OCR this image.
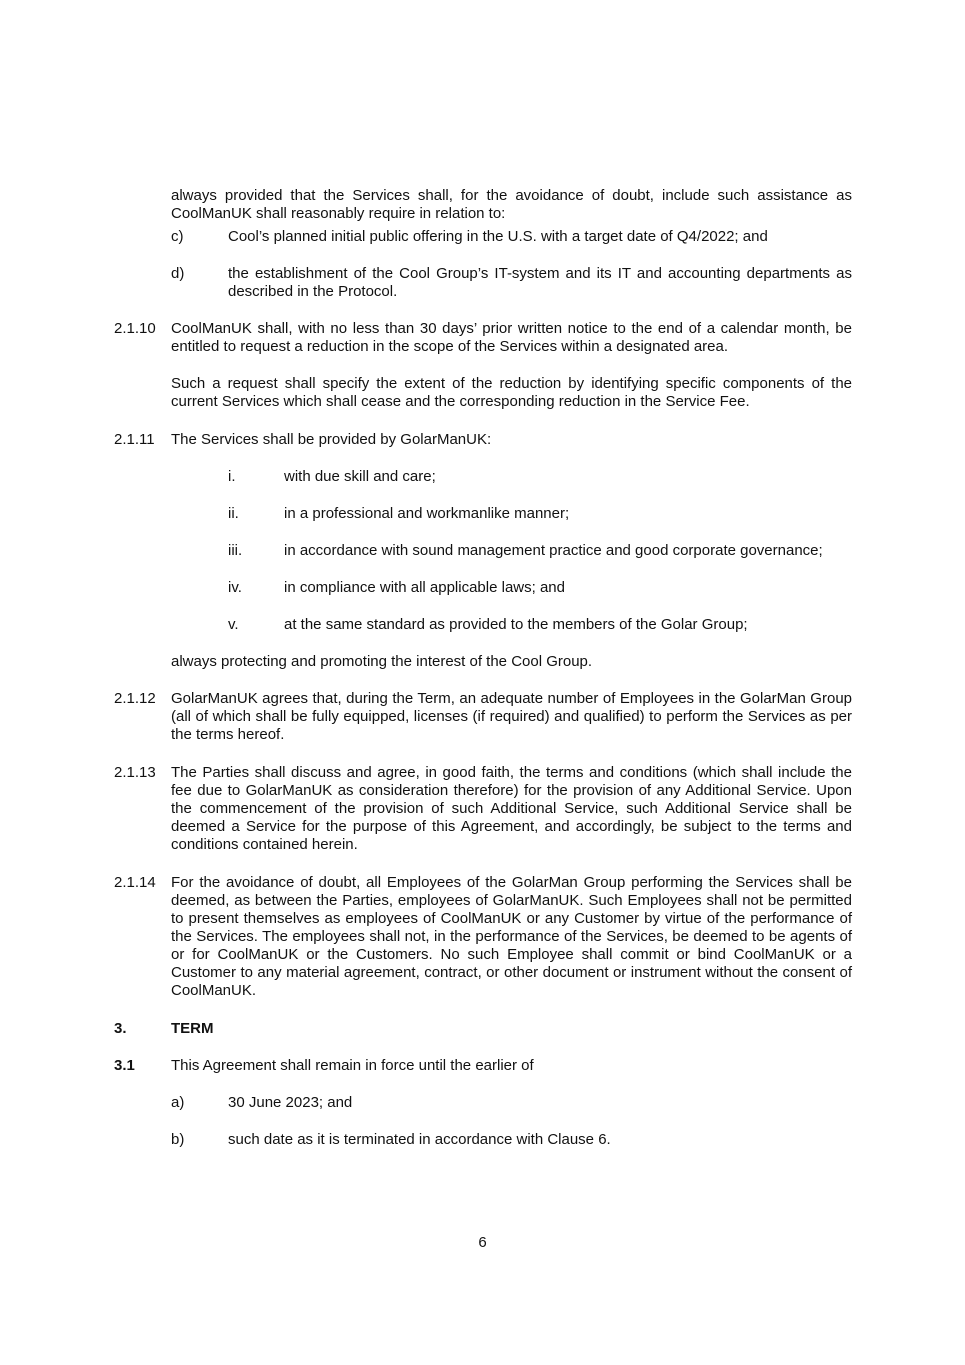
always provided that the Services shall, for the avoidance of doubt, include such assistance as CoolManUK shall reasonably require in relation to:

c)	Cool’s planned initial public offering in the U.S. with a target date of Q4/2022; and

d)	the establishment of the Cool Group’s IT-system and its IT and accounting departments as described in the Protocol.

2.1.10 CoolManUK shall, with no less than 30 days’ prior written notice to the end of a calendar month, be entitled to request a reduction in the scope of the Services within a designated area.

Such a request shall specify the extent of the reduction by identifying specific components of the current Services which shall cease and the corresponding reduction in the Service Fee.

2.1.11 The Services shall be provided by GolarManUK:

i.	with due skill and care;
ii.	in a professional and workmanlike manner;
iii.	in accordance with sound management practice and good corporate governance;
iv.	in compliance with all applicable laws; and
v.	at the same standard as provided to the members of the Golar Group;

always protecting and promoting the interest of the Cool Group.

2.1.12 GolarManUK agrees that, during the Term, an adequate number of Employees in the GolarMan Group (all of which shall be fully equipped, licenses (if required) and qualified) to perform the Services as per the terms hereof.

2.1.13 The Parties shall discuss and agree, in good faith, the terms and conditions (which shall include the fee due to GolarManUK as consideration therefore) for the provision of any Additional Service. Upon the commencement of the provision of such Additional Service, such Additional Service shall be deemed a Service for the purpose of this Agreement, and accordingly, be subject to the terms and conditions contained herein.

2.1.14 For the avoidance of doubt, all Employees of the GolarMan Group performing the Services shall be deemed, as between the Parties, employees of GolarManUK. Such Employees shall not be permitted to present themselves as employees of CoolManUK or any Customer by virtue of the performance of the Services. The employees shall not, in the performance of the Services, be deemed to be agents of or for CoolManUK or the Customers. No such Employee shall commit or bind CoolManUK or a Customer to any material agreement, contract, or other document or instrument without the consent of CoolManUK.

3.	TERM
3.1 This Agreement shall remain in force until the earlier of

a)	30 June 2023; and
b)	such date as it is terminated in accordance with Clause 6.
6
